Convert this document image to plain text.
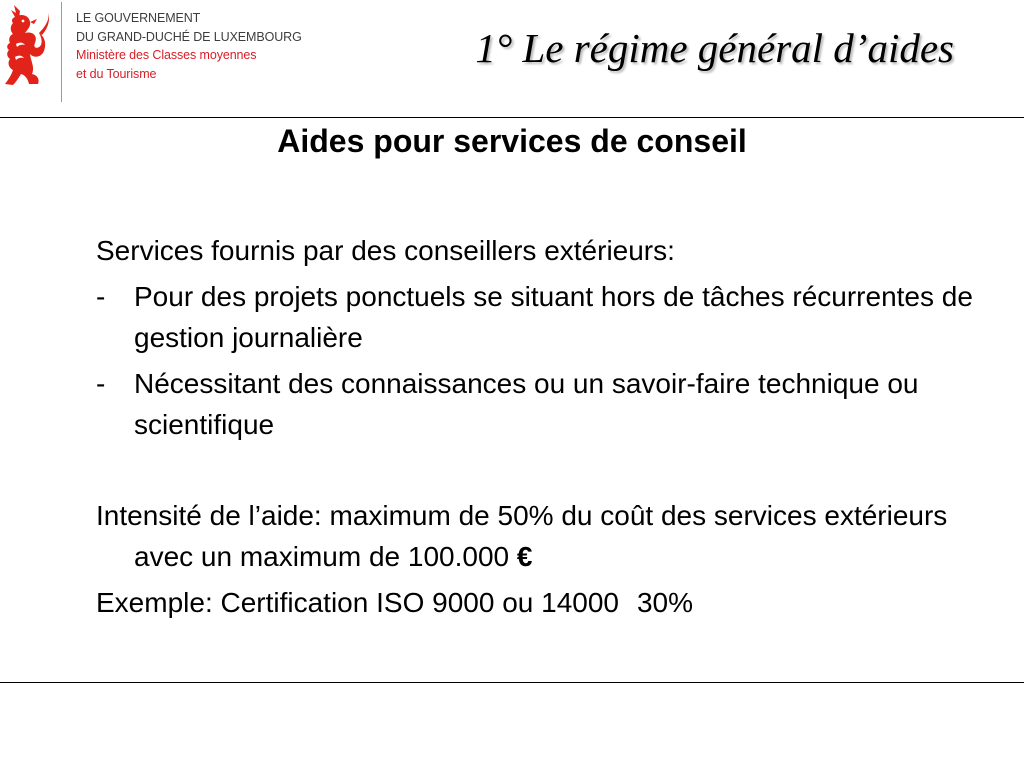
LE GOUVERNEMENT
DU GRAND-DUCHÉ DE LUXEMBOURG
Ministère des Classes moyennes
et du Tourisme
1° Le régime général d’aides
Aides pour services de conseil

Services fournis par des conseillers extérieurs:

- Pour des projets ponctuels se situant hors de tâches récurrentes de gestion journalière
- Nécessitant des connaissances ou un savoir-faire technique ou scientifique

Intensité de l’aide: maximum de 50% du coût des services extérieurs avec un maximum de 100.000 €

Exemple: Certification ISO 9000 ou 14000 30%
